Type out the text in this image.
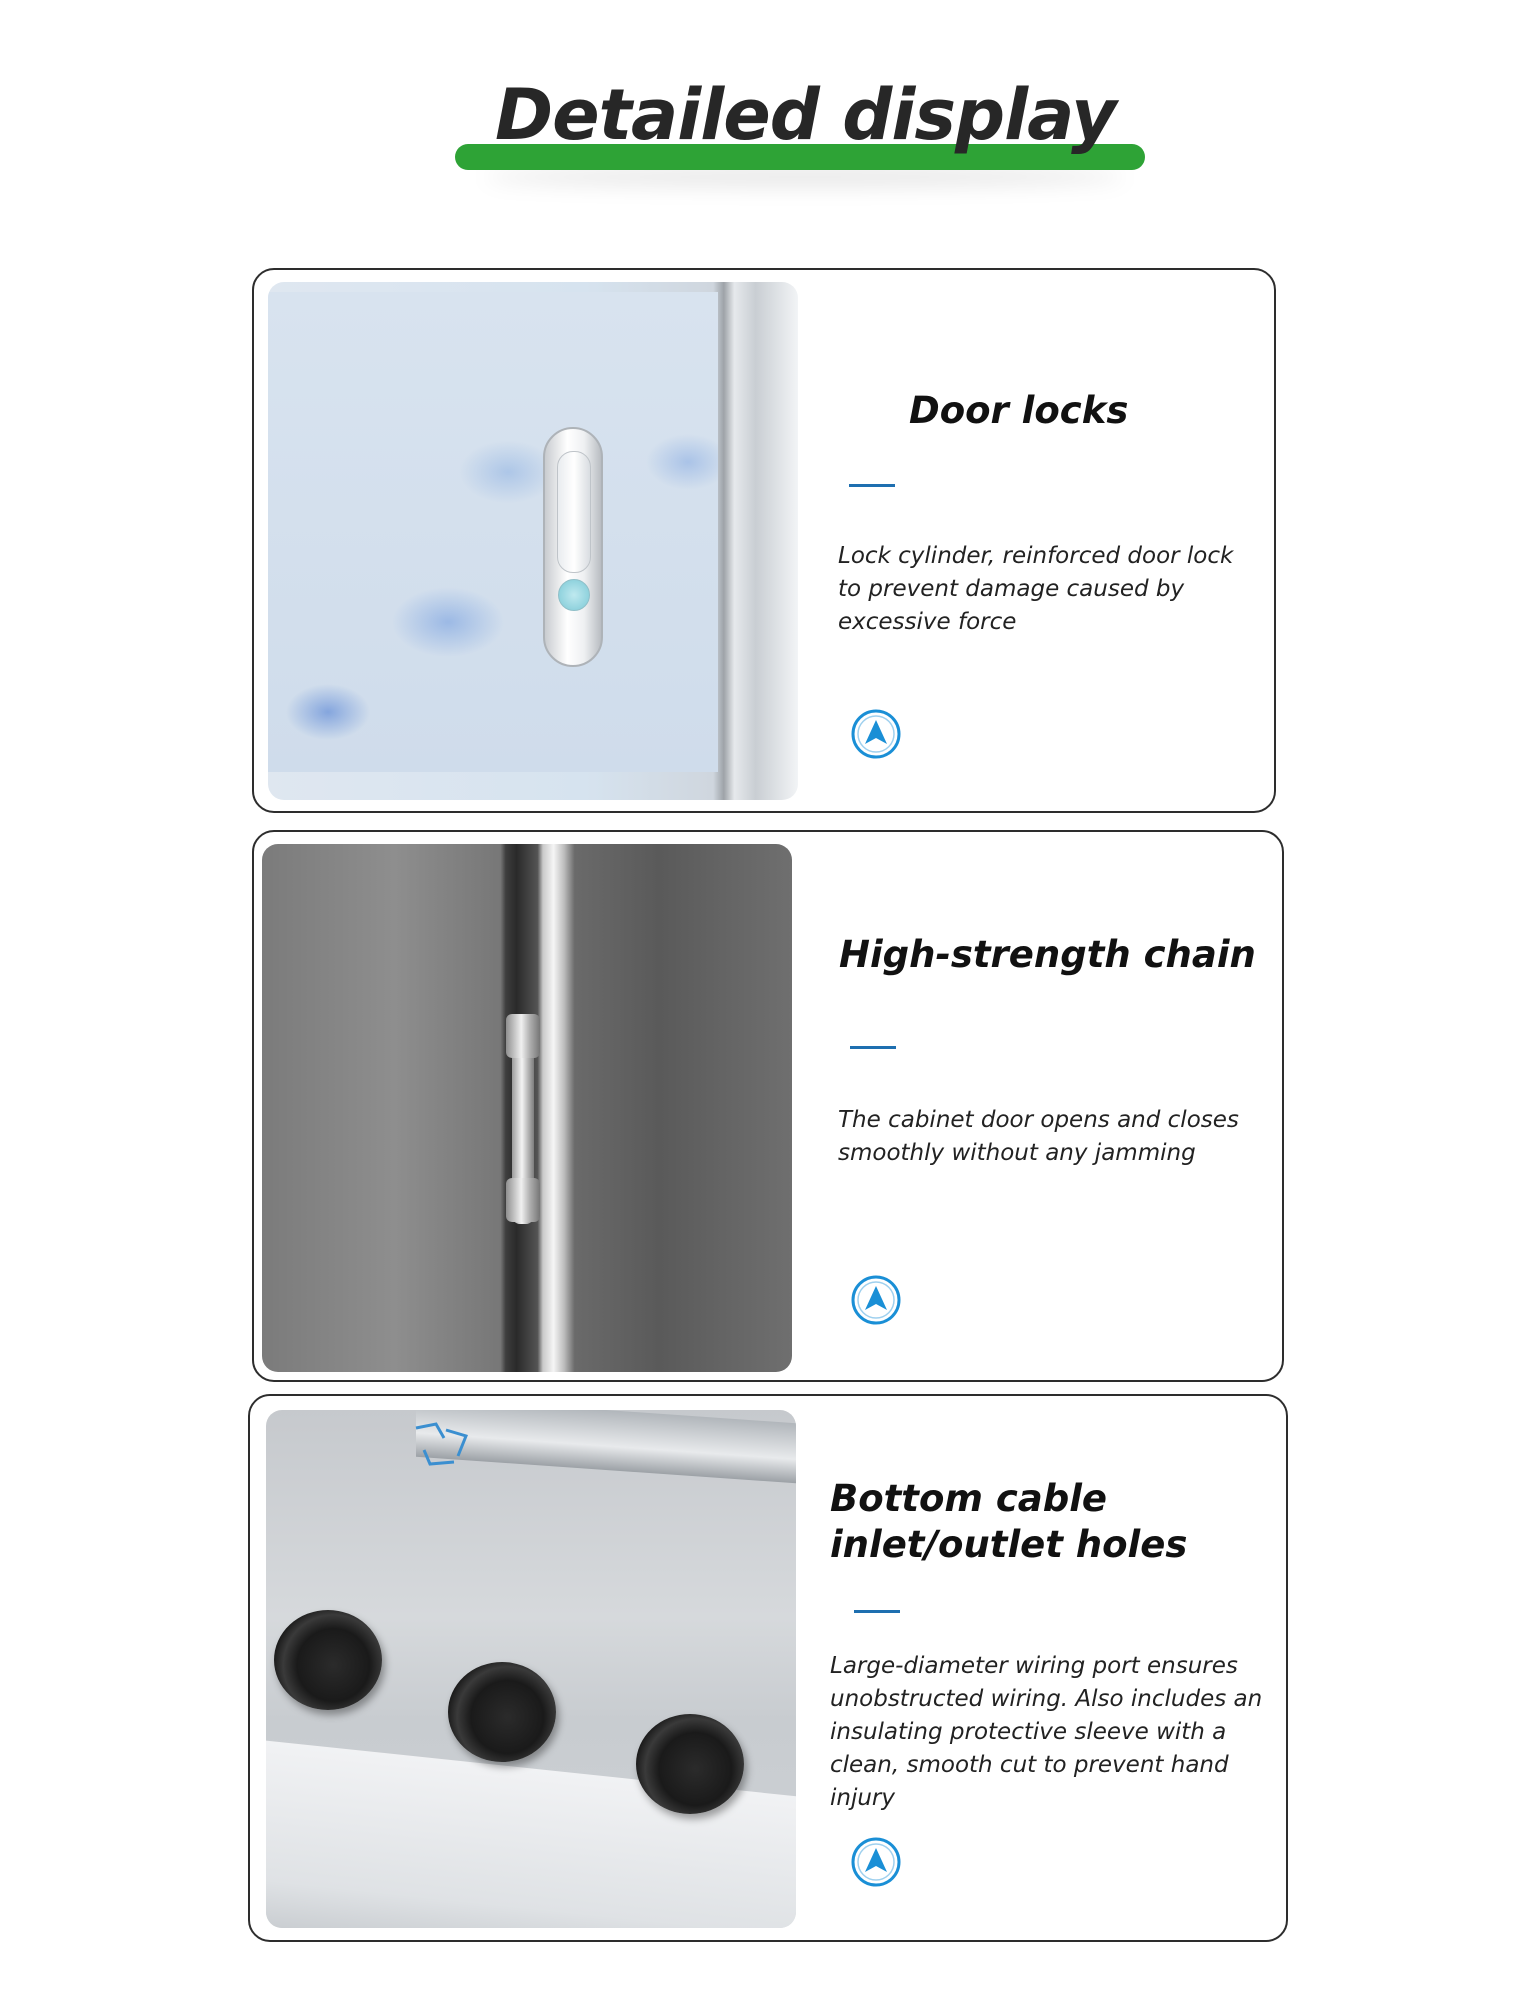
Detailed display
Door locks

Lock cylinder, reinforced door lock to prevent damage caused by excessive force

High-strength chain

The cabinet door opens and closes smoothly without any jamming

Bottom cable inlet/outlet holes

Large-diameter wiring port ensures unobstructed wiring. Also includes an insulating protective sleeve with a clean, smooth cut to prevent hand injury
